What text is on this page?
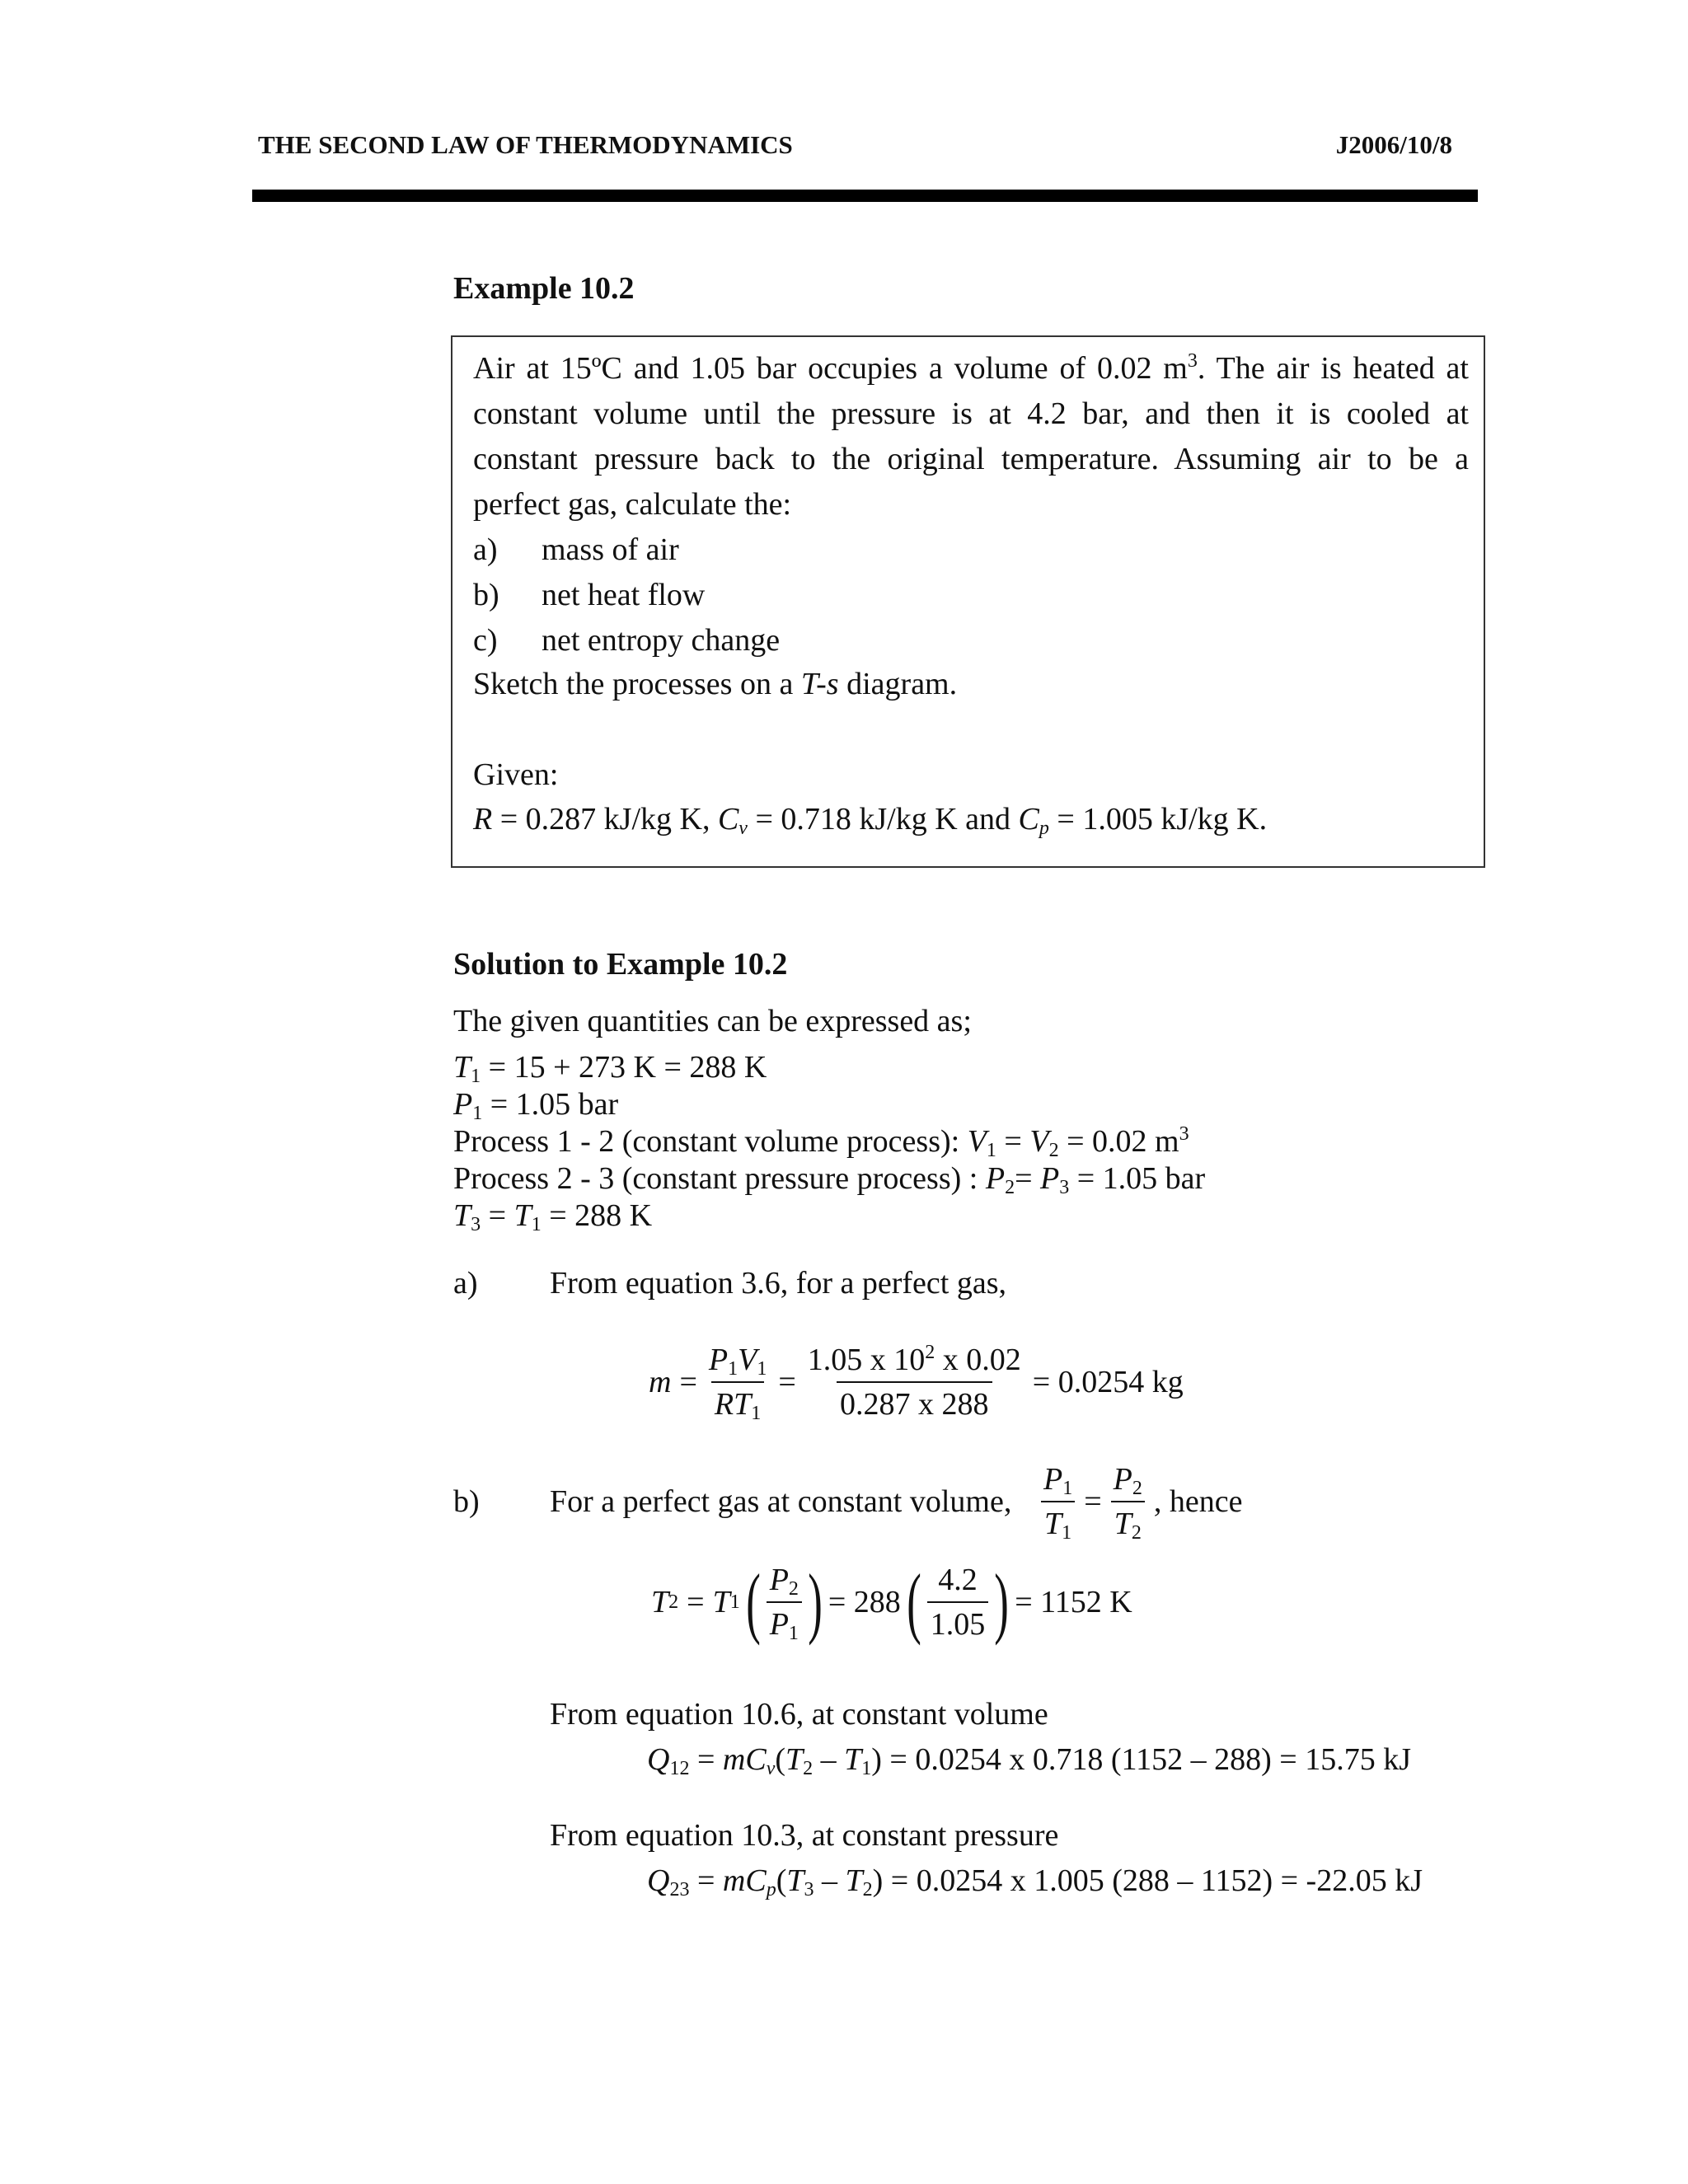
THE SECOND LAW OF THERMODYNAMICS	J2006/10/8
Example 10.2
Air at 15ºC and 1.05 bar occupies a volume of 0.02 $m^3$. The air is heated at
constant volume until the pressure is at 4.2 bar, and then it is cooled at
constant pressure back to the original temperature. Assuming air to be a
perfect gas, calculate the:
a) mass of air
b) net heat flow
c) net entropy change
Sketch the processes on a T-s diagram.
Given:
R = 0.287 kJ/kg K, $C_v = 0.718$ kJ/kg K and $C_p = 1.005$ kJ/kg K.
Solution to Example 10.2
The given quantities can be expressed as;
$T_1 = 15 + 273$ K = 288 K
$P_1 = 1.05$ bar
Process 1 - 2 (constant volume process): $V_1 = V_2 = 0.02$ $m^3$
Process 2 - 3 (constant pressure process) : $P_2= P_3 = 1.05$ bar
$T_3 = T_1 = 288$ K
a) From equation 3.6, for a perfect gas,
$m = \frac{P_1V_1}{RT_1} = \frac{1.05 x 10^2 x 0.02}{0.287 x 288} = 0.0254$ kg
b) For a perfect gas at constant volume, $\frac{P_1}{T_1} = \frac{P_2}{T_2}$ , hence
T 2 = T 1 ( $\frac{P_2}{P_1}$ ) = 288 ( $\frac{4.2}{1.05}$ ) = 1152 K
From equation 10.6, at constant volume
$Q_{12} = mC_v(T_2 - T_1) = 0.0254$ x 0.718 (1152 – 288) = 15.75 kJ
From equation 10.3, at constant pressure
$Q_{23} = mC_p(T_3 - T_2) = 0.0254$ x 1.005 (288 – 1152) = -22.05 kJ
